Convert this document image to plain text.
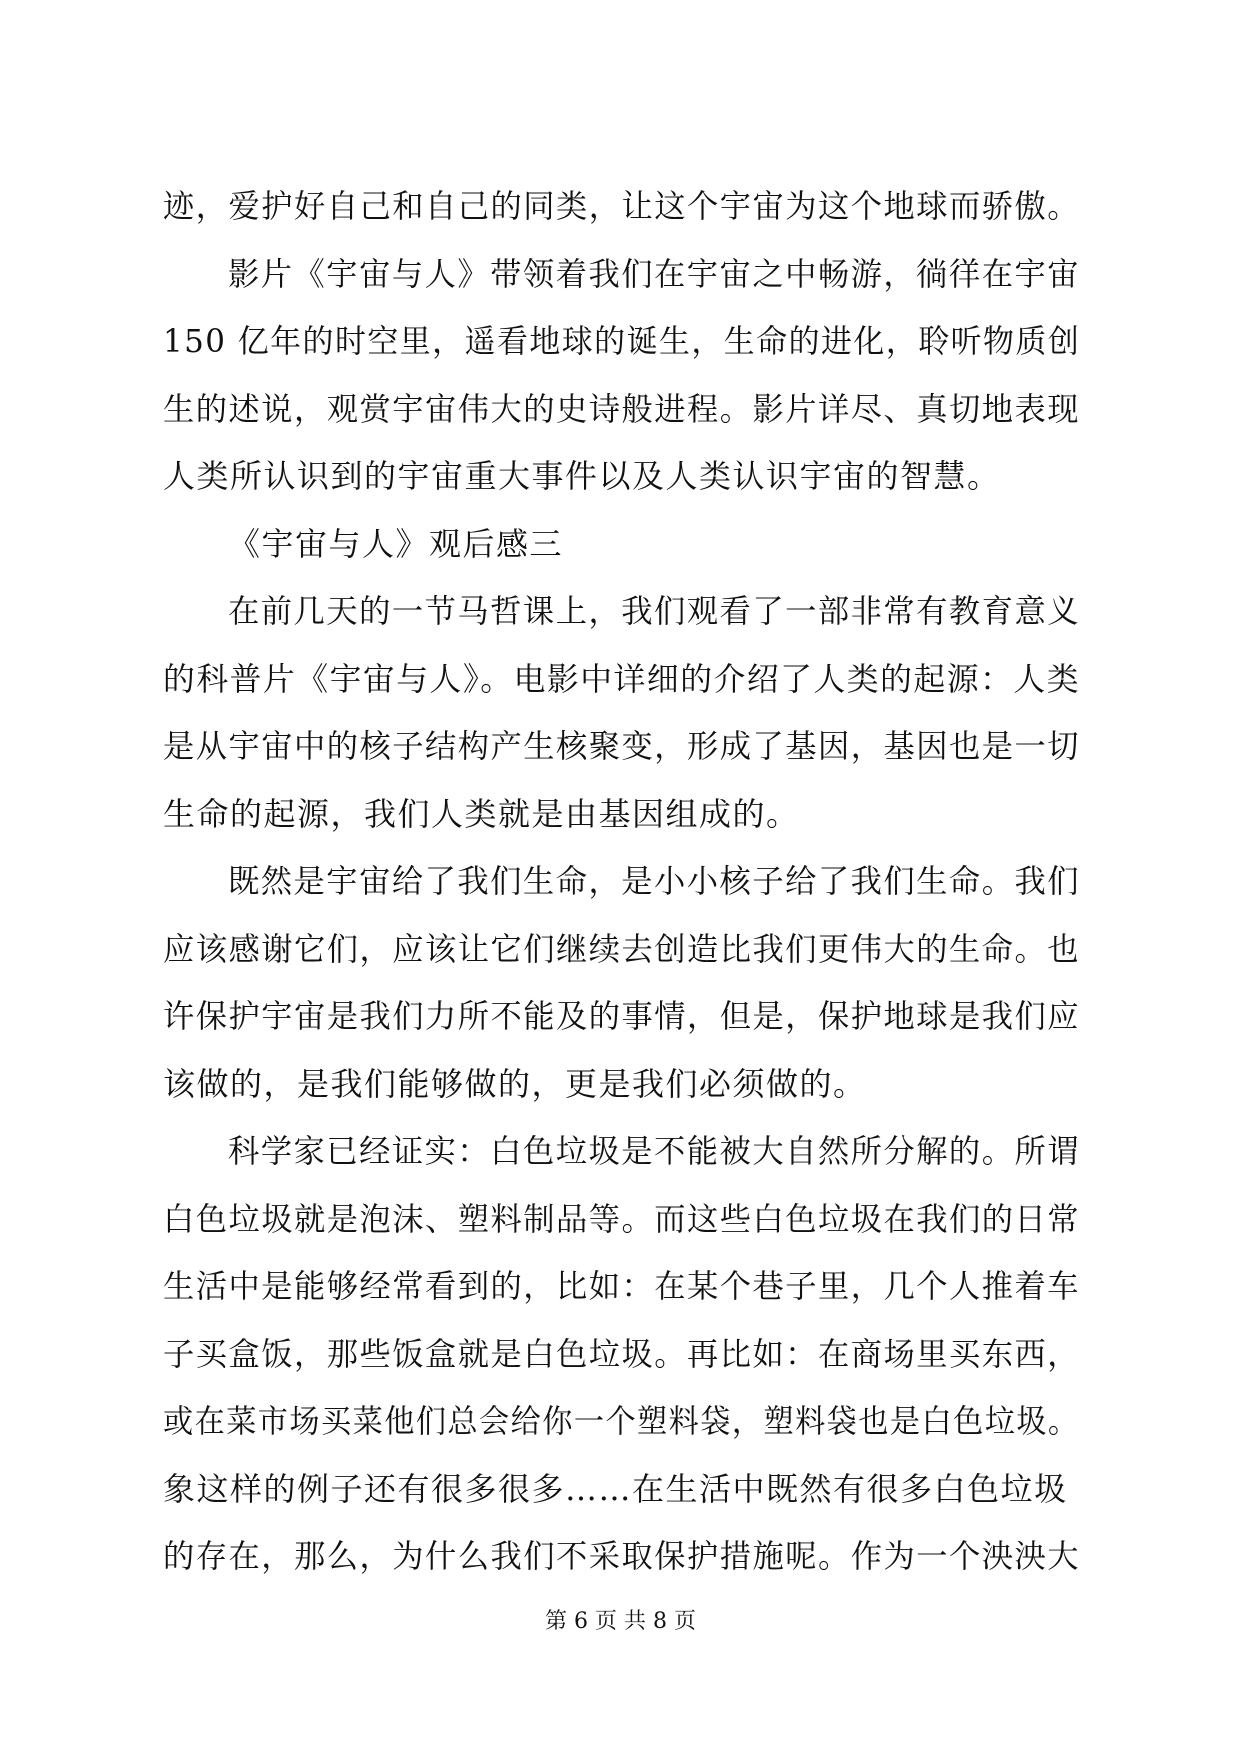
迹，爱护好自己和自己的同类，让这个宇宙为这个地球而骄傲。
影片《宇宙与人》带领着我们在宇宙之中畅游，徜徉在宇宙
150 亿年的时空里，遥看地球的诞生，生命的进化，聆听物质创
生的述说，观赏宇宙伟大的史诗般进程。影片详尽、真切地表现
人类所认识到的宇宙重大事件以及人类认识宇宙的智慧。
《宇宙与人》观后感三
在前几天的一节马哲课上，我们观看了一部非常有教育意义
的科普片《宇宙与人》。电影中详细的介绍了人类的起源：人类
是从宇宙中的核子结构产生核聚变，形成了基因，基因也是一切
生命的起源，我们人类就是由基因组成的。
既然是宇宙给了我们生命，是小小核子给了我们生命。我们
应该感谢它们，应该让它们继续去创造比我们更伟大的生命。也
许保护宇宙是我们力所不能及的事情，但是，保护地球是我们应
该做的，是我们能够做的，更是我们必须做的。
科学家已经证实：白色垃圾是不能被大自然所分解的。所谓
白色垃圾就是泡沫、塑料制品等。而这些白色垃圾在我们的日常
生活中是能够经常看到的，比如：在某个巷子里，几个人推着车
子买盒饭，那些饭盒就是白色垃圾。再比如：在商场里买东西，
或在菜市场买菜他们总会给你一个塑料袋，塑料袋也是白色垃圾。
象这样的例子还有很多很多……在生活中既然有很多白色垃圾
的存在，那么，为什么我们不采取保护措施呢。作为一个泱泱大
第 6 页 共 8 页
